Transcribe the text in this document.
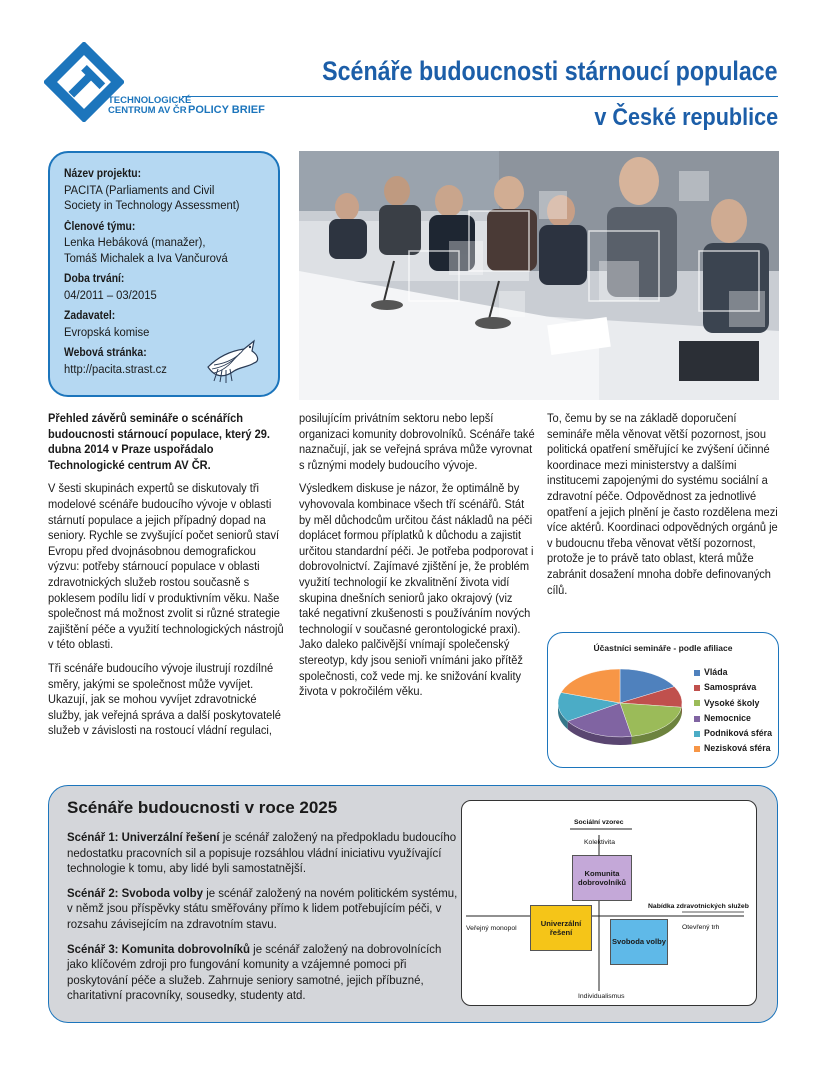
TECHNOLOGICKÉ
CENTRUM AV ČR POLICY BRIEF
Scénáře budoucnosti stárnoucí populace
v České republice
Název projektu:
PACITA (Parliaments and Civil
Society in Technology Assessment)
Členové týmu:
Lenka Hebáková (manažer),
Tomáš Michalek a Iva Vančurová
Doba trvání:
04/2011 – 03/2015
Zadavatel:
Evropská komise
Webová stránka:
http://pacita.strast.cz

Přehled závěrů semináře o scénářích budoucnosti stárnoucí populace, který 29. dubna 2014 v Praze uspořádalo Technologické centrum AV ČR.

V šesti skupinách expertů se diskutovaly tři modelové scénáře budoucího vývoje v oblasti stárnutí populace a jejich případný dopad na seniory. Rychle se zvyšující počet seniorů staví Evropu před dvojnásobnou demografickou výzvu: potřeby stárnoucí populace v oblasti zdravotnických služeb rostou současně s poklesem podílu lidí v produktivním věku. Naše společnost má možnost zvolit si různé strategie zajištění péče a využití technologických nástrojů v této oblasti.

Tři scénáře budoucího vývoje ilustrují rozdílné směry, jakými se společnost může vyvíjet. Ukazují, jak se mohou vyvíjet zdravotnické služby, jak veřejná správa a další poskytovatelé služeb v závislosti na rostoucí vládní regulaci,

posilujícím privátním sektoru nebo lepší organizaci komunity dobrovolníků. Scénáře také naznačují, jak se veřejná správa může vyrovnat s různými modely budoucího vývoje.

Výsledkem diskuse je názor, že optimálně by vyhovovala kombinace všech tří scénářů. Stát by měl důchodcům určitou část nákladů na péči doplácet formou příplatků k důchodu a zajistit určitou standardní péči. Je potřeba podporovat i dobrovolnictví. Zajímavé zjištění je, že problém využití technologií ke zkvalitnění života vidí skupina dnešních seniorů jako okrajový (viz také negativní zkušenosti s používáním nových technologií v současné gerontologické praxi). Jako daleko palčivější vnímají společenský stereotyp, kdy jsou senioři vnímáni jako přítěž společnosti, což vede mj. ke snižování kvality života v pokročilém věku.

To, čemu by se na základě doporučení semináře měla věnovat větší pozornost, jsou politická opatření směřující ke zvýšení účinné koordinace mezi ministerstvy a dalšími institucemi zapojenými do systému sociální a zdravotní péče. Odpovědnost za jednotlivé opatření a jejich plnění je často rozdělena mezi více aktérů. Koordinaci odpovědných orgánů je v budoucnu třeba věnovat větší pozornost, protože je to právě tato oblast, která může zabránit dosažení mnoha dobře definovaných cílů.

Účastníci semináře - podle afiliace
Vláda
Samospráva
Vysoké školy
Nemocnice
Podniková sféra
Nezisková sféra
Scénáře budoucnosti v roce 2025

Scénář 1: Univerzální řešení je scénář založený na předpokladu budoucího nedostatku pracovních sil a popisuje rozsáhlou vládní iniciativu využívající technologie k tomu, aby lidé byli samostatnější.

Scénář 2: Svoboda volby je scénář založený na novém politickém systému, v němž jsou příspěvky státu směřovány přímo k lidem potřebujícím péči, v rozsahu závisejícím na zdravotním stavu.

Scénář 3: Komunita dobrovolníků je scénář založený na dobrovolnících jako klíčovém zdroji pro fungování komunity a vzájemné pomoci při poskytování péče a služeb. Zahrnuje seniory samotné, jejich příbuzné, charitativní pracovníky, sousedky, studenty atd.

Sociální vzorec
Kolektivita
Individualismus
Veřejný monopol
Nabídka zdravotnických služeb
Otevřený trh
Komunita dobrovolníků
Univerzální řešení
Svoboda volby
